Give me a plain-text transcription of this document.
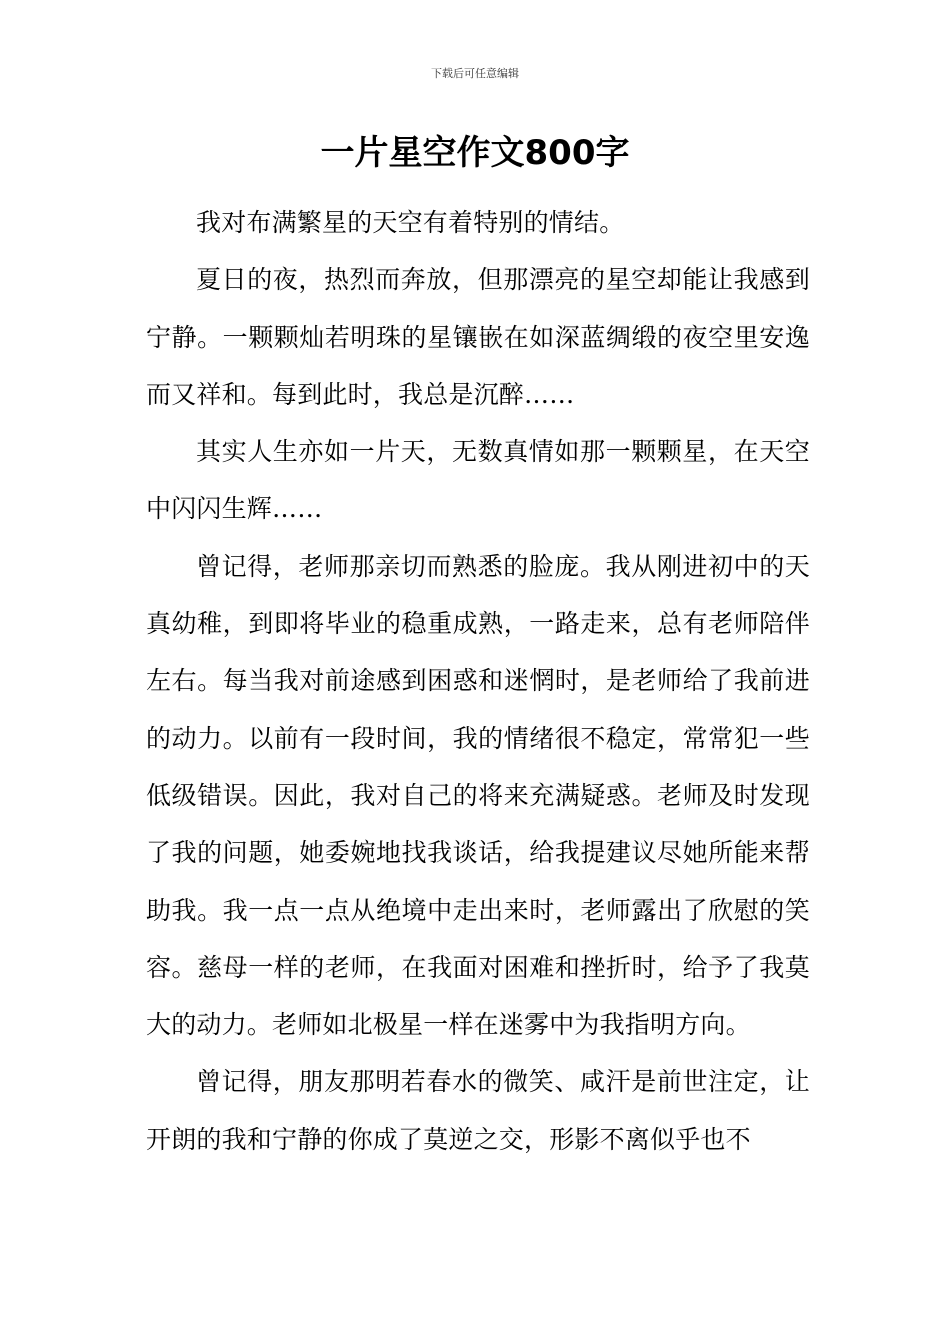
下载后可任意编辑
一片星空作文800字

我对布满繁星的天空有着特别的情结。

夏日的夜，热烈而奔放，但那漂亮的星空却能让我感到宁静。一颗颗灿若明珠的星镶嵌在如深蓝绸缎的夜空里安逸而又祥和。每到此时，我总是沉醉……

其实人生亦如一片天，无数真情如那一颗颗星，在天空中闪闪生辉……

曾记得，老师那亲切而熟悉的脸庞。我从刚进初中的天真幼稚，到即将毕业的稳重成熟，一路走来，总有老师陪伴左右。每当我对前途感到困惑和迷惘时，是老师给了我前进的动力。以前有一段时间，我的情绪很不稳定，常常犯一些低级错误。因此，我对自己的将来充满疑惑。老师及时发现了我的问题，她委婉地找我谈话，给我提建议尽她所能来帮助我。我一点一点从绝境中走出来时，老师露出了欣慰的笑容。慈母一样的老师，在我面对困难和挫折时，给予了我莫大的动力。老师如北极星一样在迷雾中为我指明方向。

曾记得，朋友那明若春水的微笑、咸汗是前世注定，让开朗的我和宁静的你成了莫逆之交，形影不离似乎也不
